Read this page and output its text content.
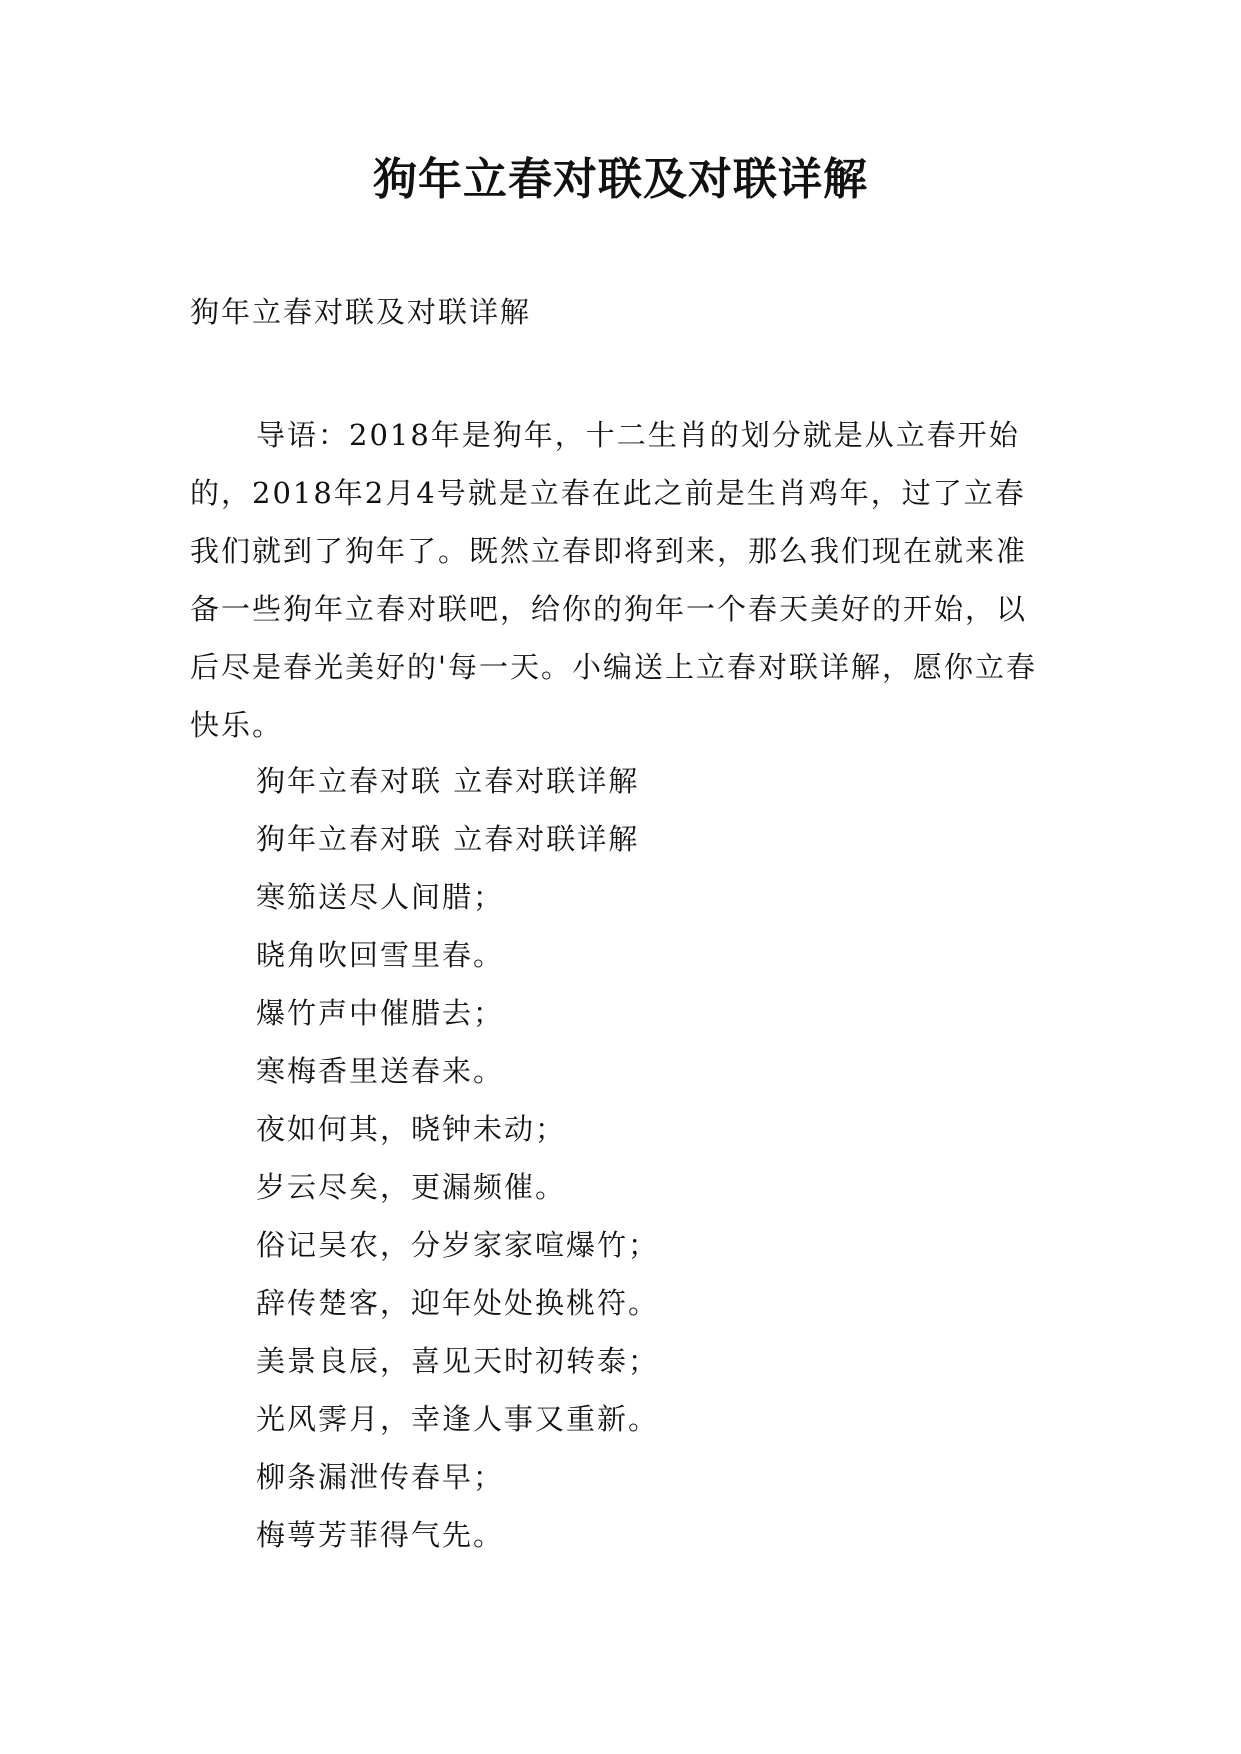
狗年立春对联及对联详解

狗年立春对联及对联详解

导语：2018年是狗年，十二生肖的划分就是从立春开始的，2018年2月4号就是立春在此之前是生肖鸡年，过了立春我们就到了狗年了。既然立春即将到来，那么我们现在就来准备一些狗年立春对联吧，给你的狗年一个春天美好的开始，以后尽是春光美好的'每一天。小编送上立春对联详解，愿你立春快乐。

狗年立春对联 立春对联详解
狗年立春对联 立春对联详解
寒笳送尽人间腊；
晓角吹回雪里春。
爆竹声中催腊去；
寒梅香里送春来。
夜如何其，晓钟未动；
岁云尽矣，更漏频催。
俗记吴农，分岁家家喧爆竹；
辞传楚客，迎年处处换桃符。
美景良辰，喜见天时初转泰；
光风霁月，幸逢人事又重新。
柳条漏泄传春早；
梅萼芳菲得气先。
